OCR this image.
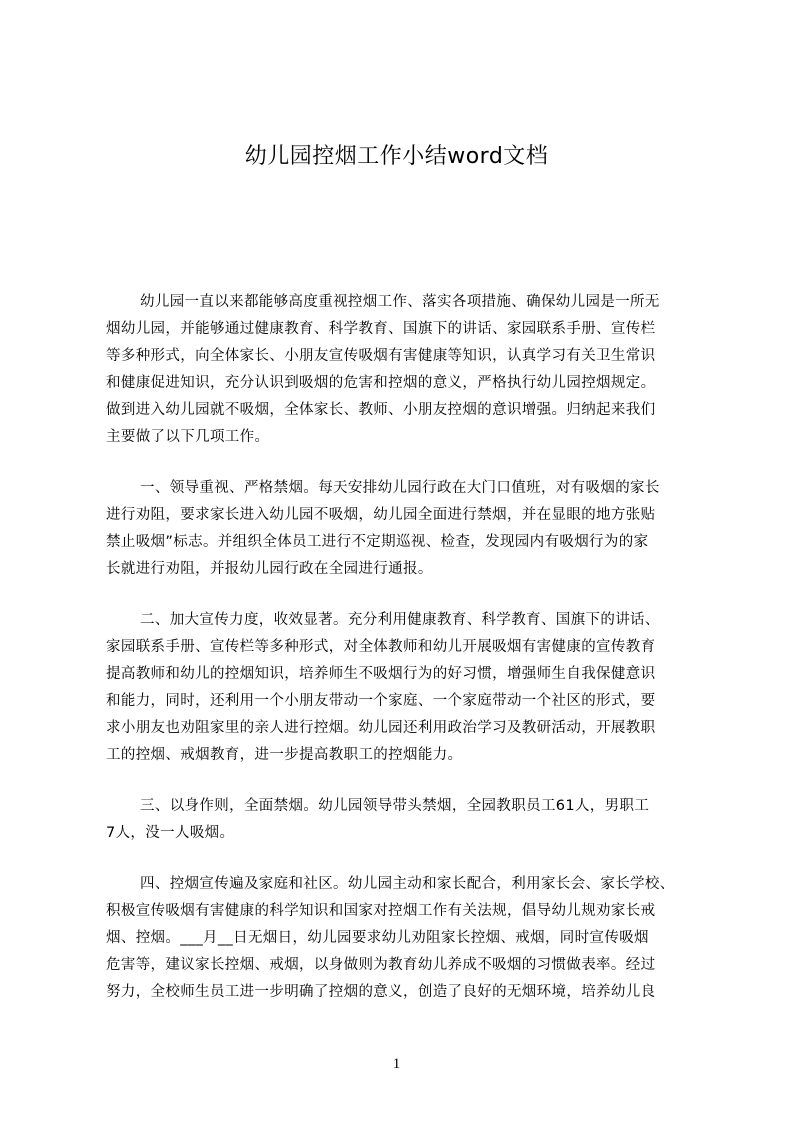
幼儿园控烟工作小结word文档
幼儿园一直以来都能够高度重视控烟工作、落实各项措施、确保幼儿园是一所无
烟幼儿园，并能够通过健康教育、科学教育、国旗下的讲话、家园联系手册、宣传栏
等多种形式，向全体家长、小朋友宣传吸烟有害健康等知识，认真学习有关卫生常识
和健康促进知识，充分认识到吸烟的危害和控烟的意义，严格执行幼儿园控烟规定。
做到进入幼儿园就不吸烟，全体家长、教师、小朋友控烟的意识增强。归纳起来我们
主要做了以下几项工作。
一、领导重视、严格禁烟。每天安排幼儿园行政在大门口值班，对有吸烟的家长
进行劝阻，要求家长进入幼儿园不吸烟，幼儿园全面进行禁烟，并在显眼的地方张贴
禁止吸烟”标志。并组织全体员工进行不定期巡视、检查，发现园内有吸烟行为的家
长就进行劝阻，并报幼儿园行政在全园进行通报。
二、加大宣传力度，收效显著。充分利用健康教育、科学教育、国旗下的讲话、
家园联系手册、宣传栏等多种形式，对全体教师和幼儿开展吸烟有害健康的宣传教育
提高教师和幼儿的控烟知识，培养师生不吸烟行为的好习惯，增强师生自我保健意识
和能力，同时，还利用一个小朋友带动一个家庭、一个家庭带动一个社区的形式，要
求小朋友也劝阻家里的亲人进行控烟。幼儿园还利用政治学习及教研活动，开展教职
工的控烟、戒烟教育，进一步提高教职工的控烟能力。
三、以身作则，全面禁烟。幼儿园领导带头禁烟，全园教职员工61人，男职工
7人，没一人吸烟。
四、控烟宣传遍及家庭和社区。幼儿园主动和家长配合，利用家长会、家长学校、
积极宣传吸烟有害健康的科学知识和国家对控烟工作有关法规，倡导幼儿规劝家长戒
烟、控烟。___月__日无烟日，幼儿园要求幼儿劝阻家长控烟、戒烟，同时宣传吸烟
危害等，建议家长控烟、戒烟，以身做则为教育幼儿养成不吸烟的习惯做表率。经过
努力，全校师生员工进一步明确了控烟的意义，创造了良好的无烟环境，培养幼儿良
1
